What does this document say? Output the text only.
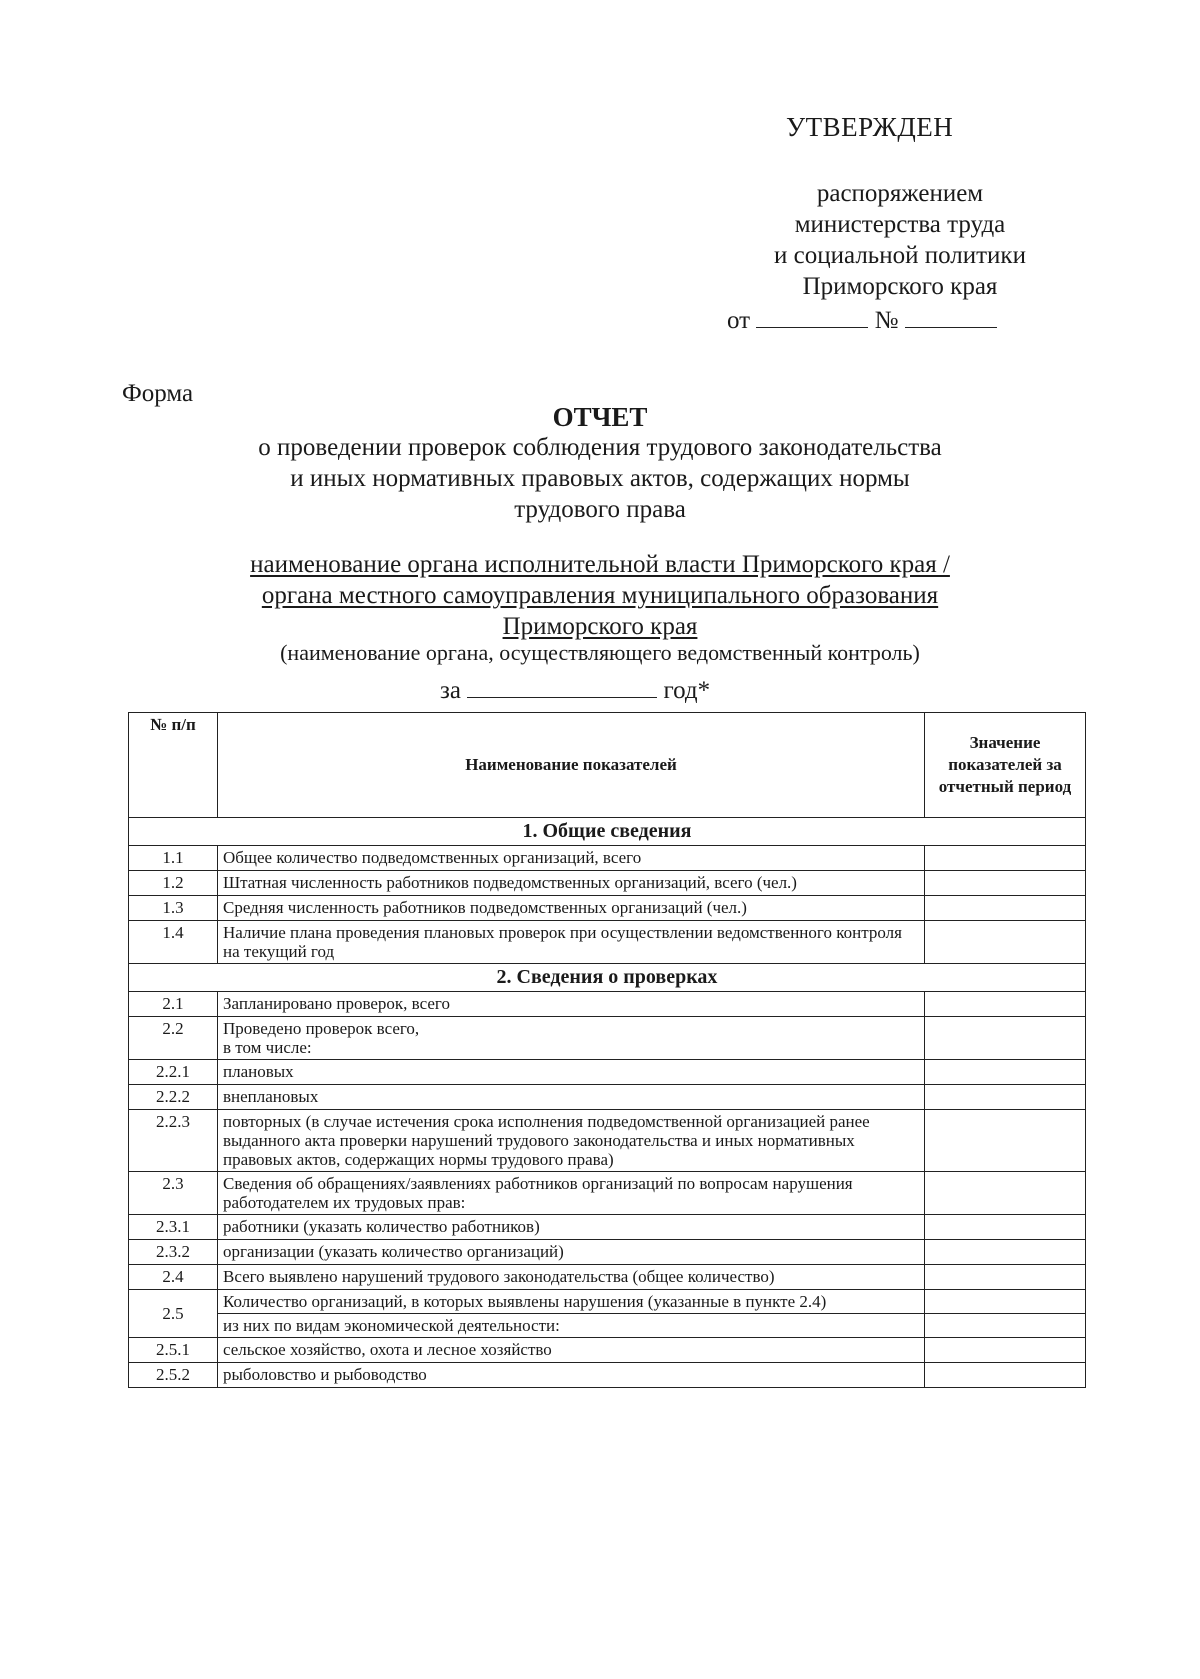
УТВЕРЖДЕН
распоряжением
министерства труда
и социальной политики
Приморского края
от	№
Форма
ОТЧЕТ
о проведении проверок соблюдения трудового законодательства
и иных нормативных правовых актов, содержащих нормы
трудового права
наименование органа исполнительной власти Приморского края /
органа местного самоуправления муниципального образования
Приморского края
(наименование органа, осуществляющего ведомственный контроль)
за	год*
№ п/п	Наименование показателей	Значение показателей за отчетный период
1. Общие сведения		
1.1	Общее количество подведомственных организаций, всего	
1.2	Штатная численность работников подведомственных организаций, всего (чел.)	
1.3	Средняя численность работников подведомственных организаций (чел.)	
1.4	Наличие плана проведения плановых проверок при осуществлении ведомственного контроля на текущий год	
2. Сведения о проверках		
2.1	Запланировано проверок, всего	
2.2	Проведено проверок всего,
в том числе:	
2.2.1	плановых	
2.2.2	внеплановых	
2.2.3	повторных (в случае истечения срока исполнения подведомственной организацией ранее выданного акта проверки нарушений трудового законодательства и иных нормативных правовых актов, содержащих нормы трудового права)	
2.3	Сведения об обращениях/заявлениях работников организаций по вопросам нарушения работодателем их трудовых прав:	
2.3.1	работники (указать количество работников)	
2.3.2	организации (указать количество организаций)	
2.4	Всего выявлено нарушений трудового законодательства (общее количество)	
2.5	Количество организаций, в которых выявлены нарушения (указанные в пункте 2.4)	
	из них по видам экономической деятельности:	
2.5.1	сельское хозяйство, охота и лесное хозяйство	
2.5.2	рыболовство и рыбоводство	
